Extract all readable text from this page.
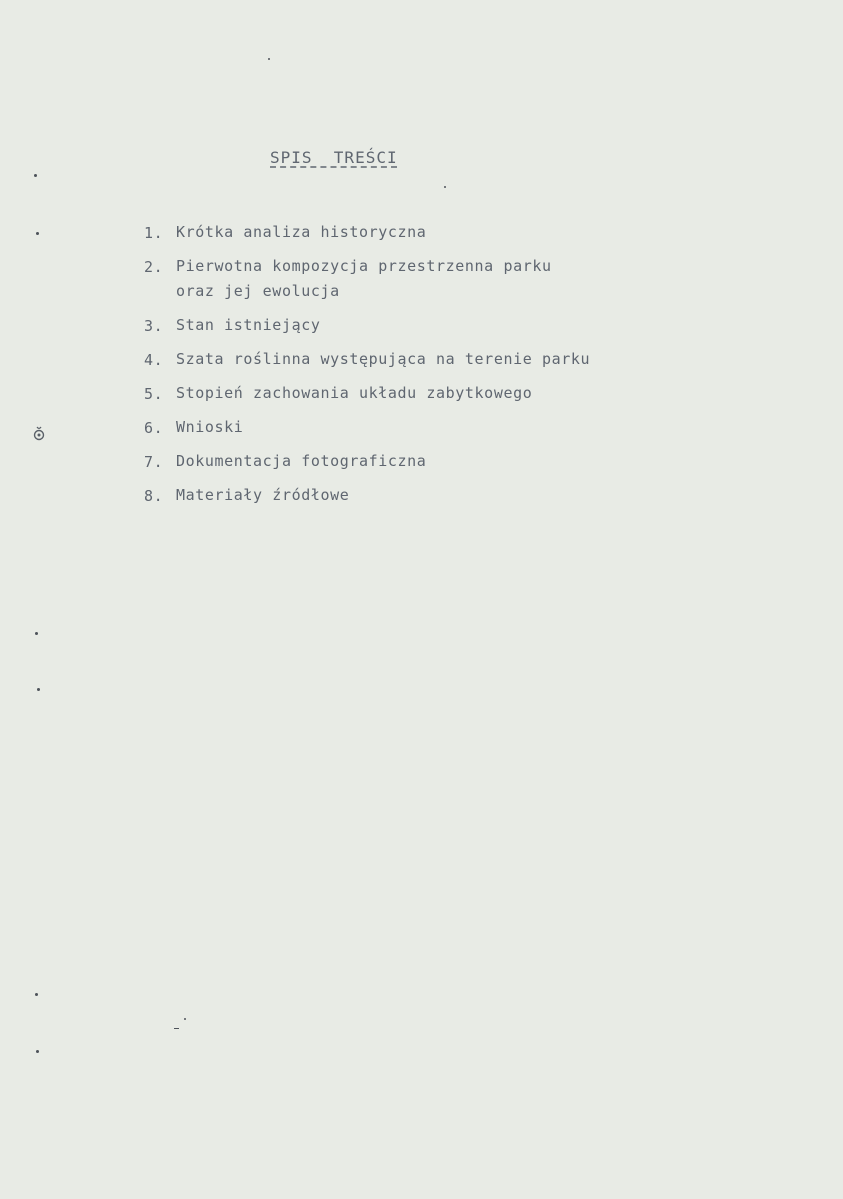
SPIS  TREŚCI
1. Krótka analiza historyczna
2. Pierwotna kompozycja przestrzenna parku
oraz jej ewolucja
3. Stan istniejący
4. Szata roślinna występująca na terenie parku
5. Stopień zachowania układu zabytkowego
6. Wnioski
7. Dokumentacja fotograficzna
8. Materiały źródłowe
